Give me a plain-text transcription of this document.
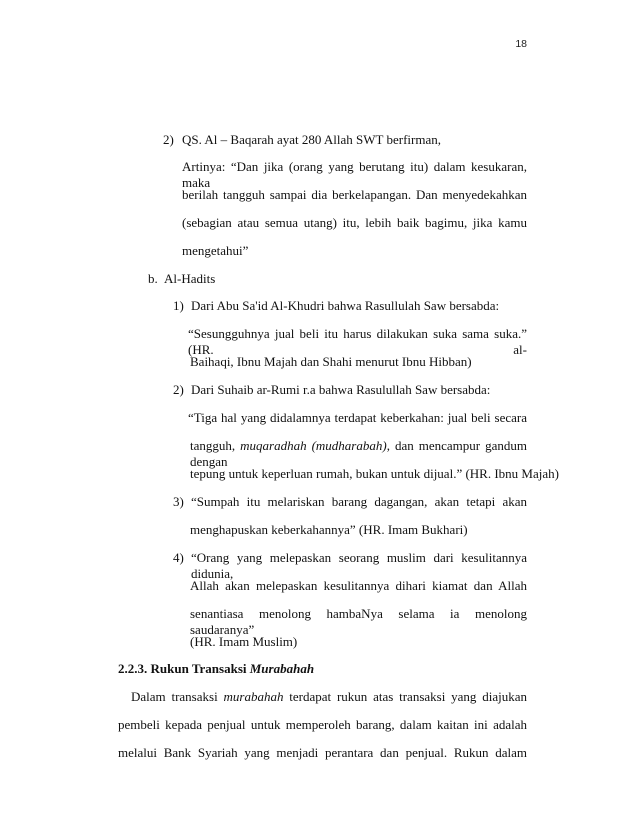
18
2) QS. Al – Baqarah ayat 280 Allah SWT berfirman,
Artinya: “Dan jika (orang yang berutang itu) dalam kesukaran, maka
berilah tangguh sampai dia berkelapangan. Dan menyedekahkan
(sebagian atau semua utang) itu, lebih baik bagimu, jika kamu
mengetahui”
b. Al-Hadits
1) Dari Abu Sa'id Al-Khudri bahwa Rasullulah Saw bersabda:
“Sesungguhnya jual beli itu harus dilakukan suka sama suka.” (HR. al-
Baihaqi, Ibnu Majah dan Shahi menurut Ibnu Hibban)
2) Dari Suhaib ar-Rumi r.a bahwa Rasulullah Saw bersabda:
“Tiga hal yang didalamnya terdapat keberkahan: jual beli secara
tangguh, muqaradhah (mudharabah), dan mencampur gandum dengan
tepung untuk keperluan rumah, bukan untuk dijual.” (HR. Ibnu Majah)
3) “Sumpah itu melariskan barang dagangan, akan tetapi akan
menghapuskan keberkahannya” (HR. Imam Bukhari)
4) “Orang yang melepaskan seorang muslim dari kesulitannya didunia,
Allah akan melepaskan kesulitannya dihari kiamat dan Allah
senantiasa menolong hambaNya selama ia menolong saudaranya”
(HR. Imam Muslim)
2.2.3. Rukun Transaksi Murabahah
Dalam transaksi murabahah terdapat rukun atas transaksi yang diajukan
pembeli kepada penjual untuk memperoleh barang, dalam kaitan ini adalah
melalui Bank Syariah yang menjadi perantara dan penjual. Rukun dalam
